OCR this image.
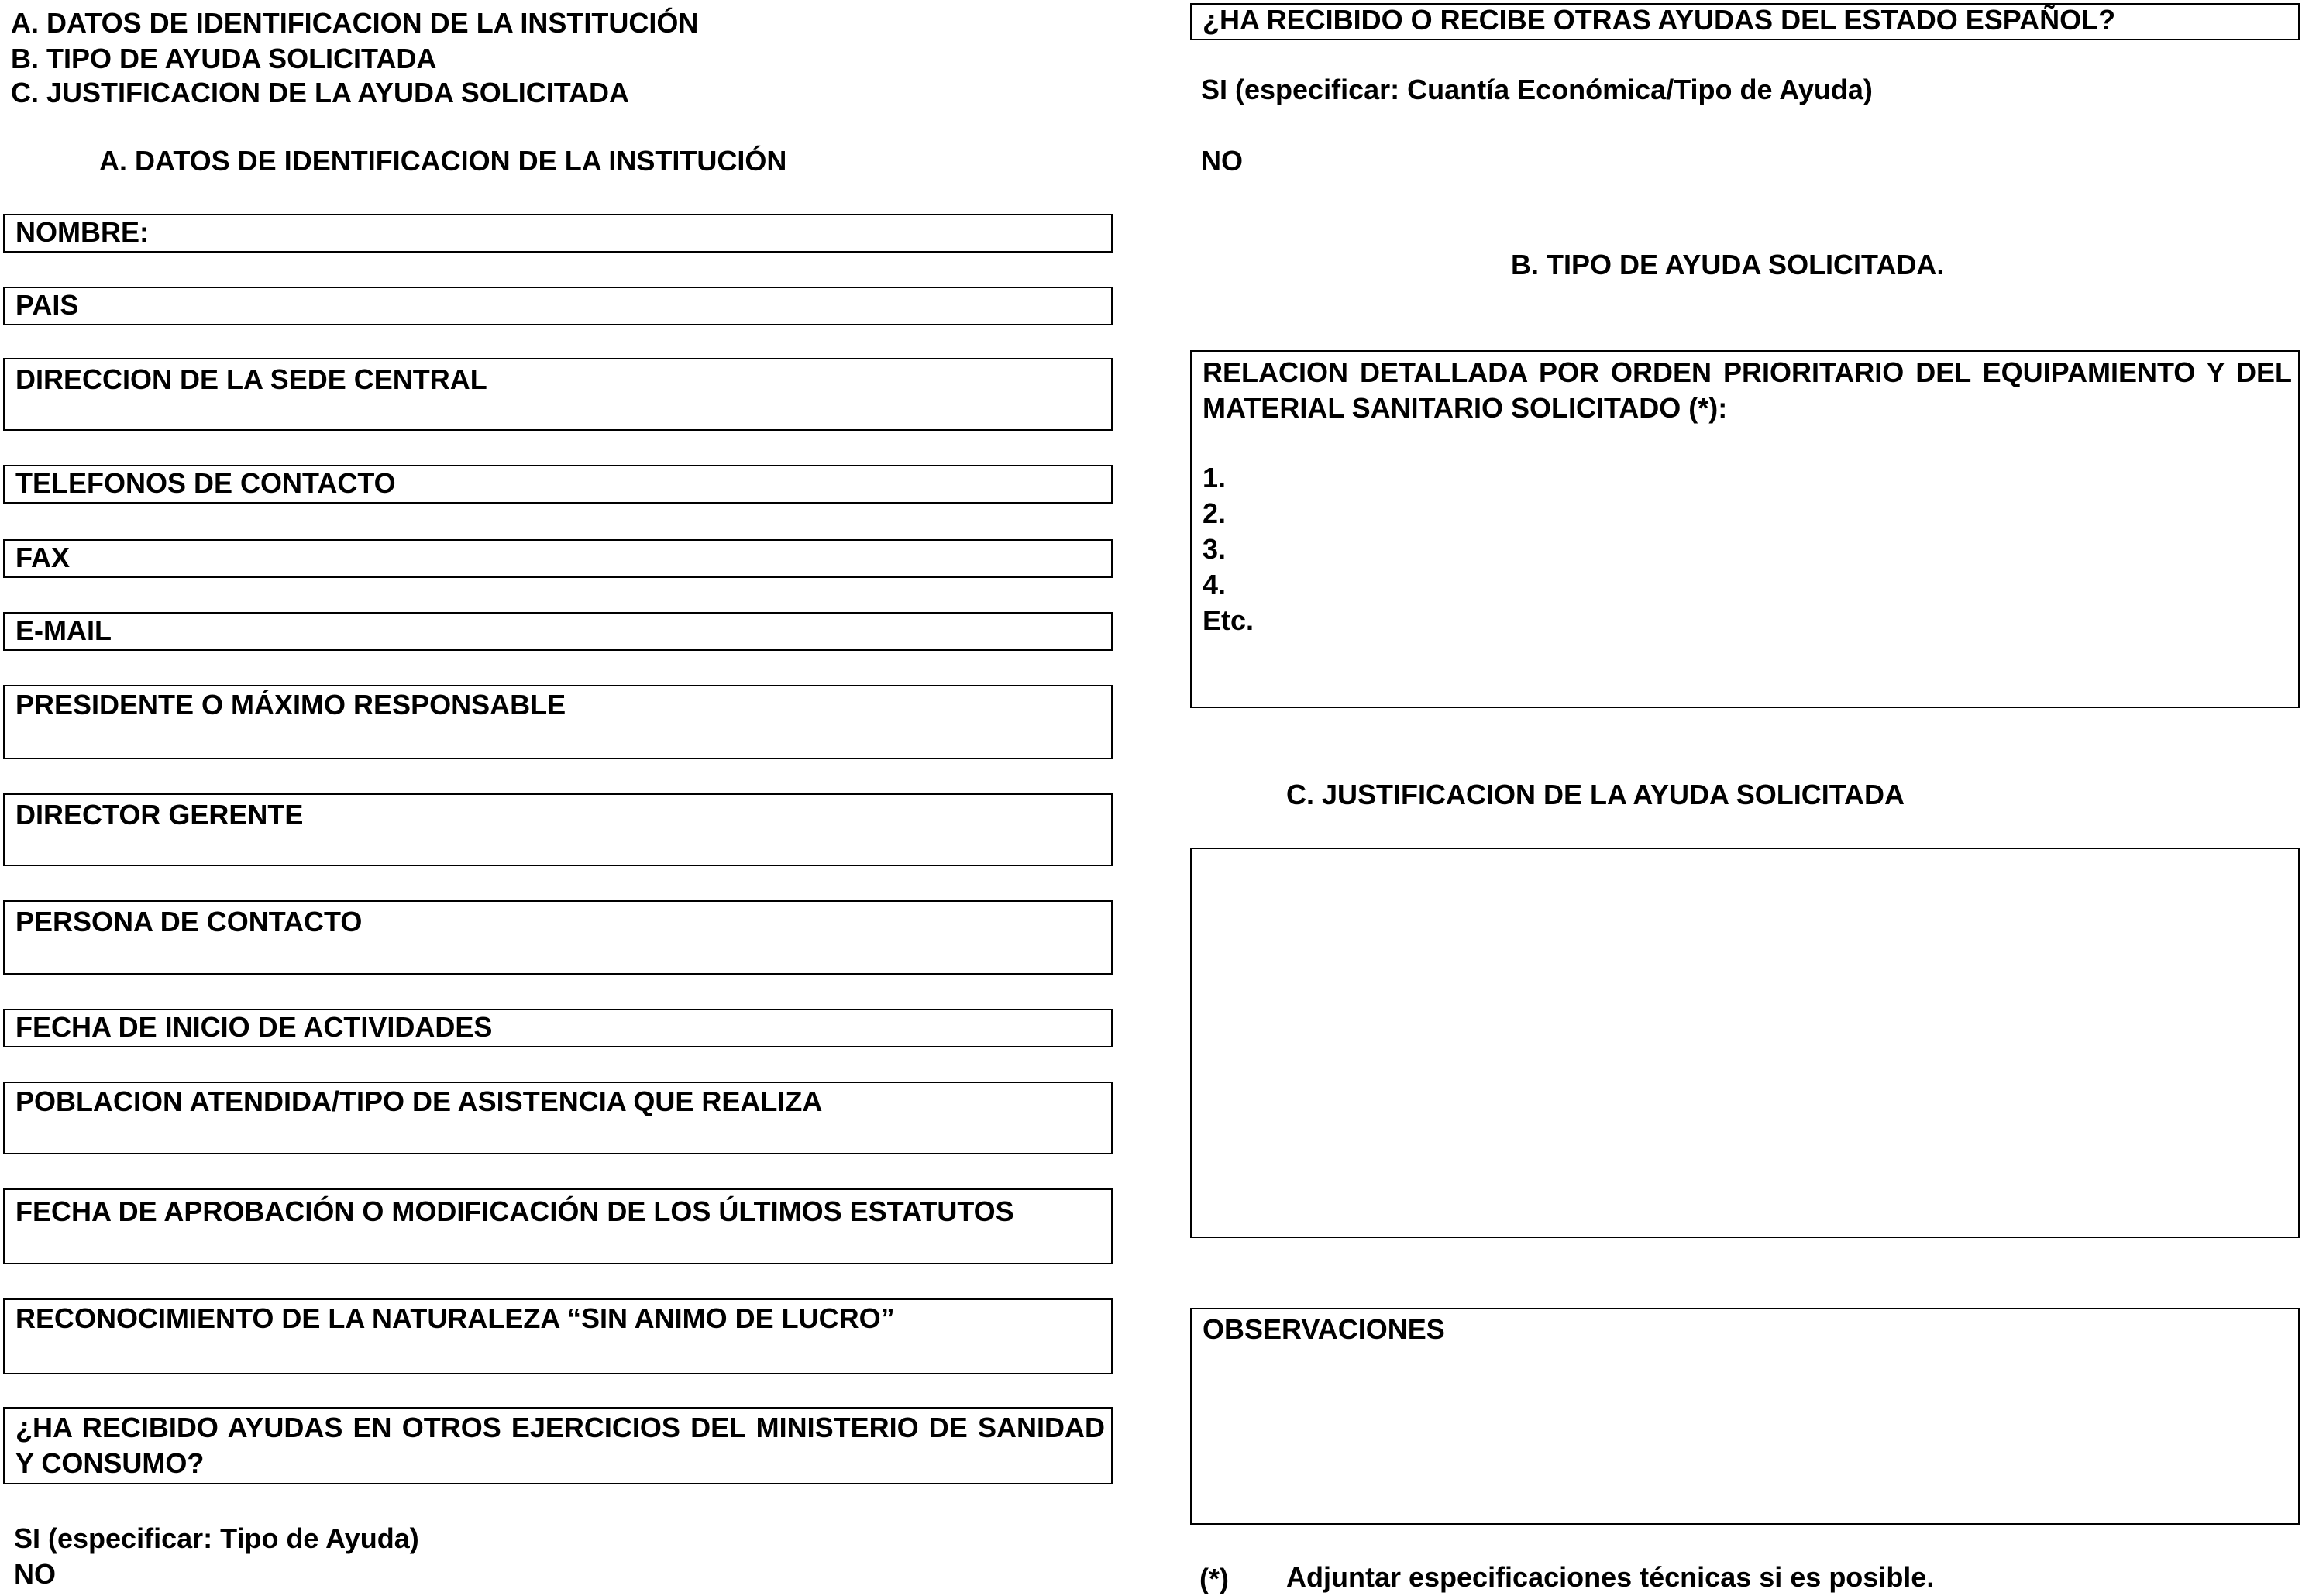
A. DATOS DE IDENTIFICACION DE LA INSTITUCIÓN
B. TIPO DE AYUDA SOLICITADA
C. JUSTIFICACION DE LA AYUDA SOLICITADA
A. DATOS DE IDENTIFICACION DE LA INSTITUCIÓN
NOMBRE:
PAIS
DIRECCION DE LA SEDE CENTRAL
TELEFONOS DE CONTACTO
FAX
E-MAIL
PRESIDENTE O MÁXIMO RESPONSABLE
DIRECTOR GERENTE
PERSONA DE CONTACTO
FECHA DE INICIO DE ACTIVIDADES
POBLACION ATENDIDA/TIPO DE ASISTENCIA QUE REALIZA
FECHA DE APROBACIÓN O MODIFICACIÓN DE LOS ÚLTIMOS ESTATUTOS
RECONOCIMIENTO DE LA NATURALEZA “SIN ANIMO DE LUCRO”
¿HA RECIBIDO AYUDAS EN OTROS EJERCICIOS DEL MINISTERIO DE SANIDAD Y CONSUMO?
SI (especificar: Tipo de Ayuda)
NO
¿HA RECIBIDO O RECIBE OTRAS AYUDAS DEL ESTADO ESPAÑOL?
SI (especificar: Cuantía Económica/Tipo de Ayuda)
NO
B. TIPO DE AYUDA SOLICITADA.
RELACION DETALLADA POR ORDEN PRIORITARIO DEL EQUIPAMIENTO Y DEL MATERIAL SANITARIO SOLICITADO (*):
1.
2.
3.
4.
Etc.
C. JUSTIFICACION DE LA AYUDA SOLICITADA
OBSERVACIONES
(*) Adjuntar especificaciones técnicas si es posible.
